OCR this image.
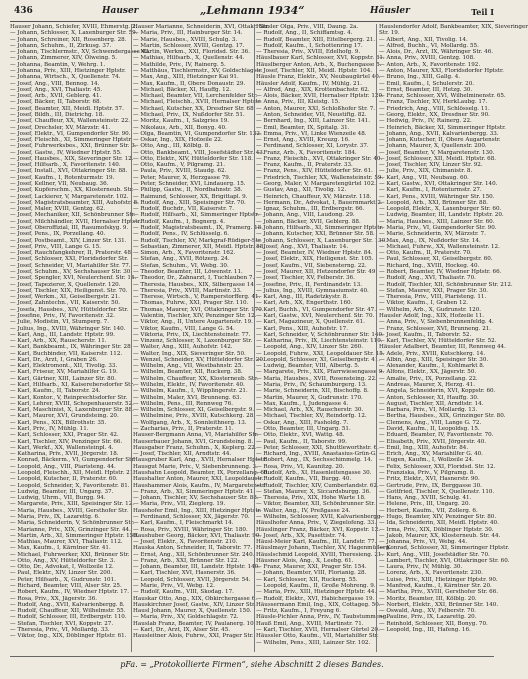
436	Hauser	„Lehmann 1934“	Häusler	Teil I
Hauser Johann, Schiefer, XVIII, Ehmerstg. 2.
— Johann, Schlosser, X, Laxenburger Str. 59.
— Johann, Schreiner, XII, Rosenberg. 28.
— Johann, Schuhm., II, Zirkusg. 37.
— Johann, Tischlermstr., XV, Schwendergasse 43.
— Johann, Zimmerer, XIV, Ölweing. 5.
— Johanna, Beamtin, V, Wehrg. 1.
— Johanna, Priv., XIII, Hietzinger Hptstr.
— Johanna, Wirtsch., X, Quellenstr. 74.
— Josef, Ang., VIII, Bennog. 14.
— Josef, Ang., XVI, Thaliastr. 45.
— Josef, Arb., XVII, Geblerg. 41.
— Josef, Bäcker, II, Taborstr. 68.
— Josef, Beamter, XII, Meidl. Hptstr. 57.
— Josef, Bildh., III, Dietrichg. 18.
— Josef, Chauffeur, XX, Wallensteinstr. 22.
— Josef, Drechsler, XV, Märzstr. 41.
— Josef, Elektr., VI, Gumpendorfer Str. 90.
— Josef, Fleischh., XI, Simmeringer Hptstr.
— Josef, Fuhrwerksbes., XXI, Brünner Str. 3.
— Josef, Gastw., IV, Wiedner Hptstr. 55.
— Josef, Hausbes., XIX, Sieveringer Str. 12.
— Josef, Hilfsarb., X, Favoritenstr. 140.
— Josef, Install., XVI, Ottakringer Str. 88.
— Josef, Kaufm., I, Rotenturmstr. 19.
— Josef, Kellner, VII, Neubaug. 36.
— Josef, Kupferschm., XX, Klosterneub. Str.
— Josef, Lackierer, V, Margaretenstr. 102.
— Josef, Magistratsbeamter, XIII, Auhofstr. 8.
— Josef, Maler, XVIII, Gentzg. 62.
— Josef, Mechaniker, XII, Schönbrunner Str.
— Josef, Milchhändler, XVII, Hernalser Hptstr.
— Josef, Oberoffizial, III, Rasumofskyg. 9.
— Josef, Pens., IX, Porzellang. 40.
— Josef, Postbeamt., XIV, Linzer Str. 131.
— Josef, Priv., VIII, Lange G. 15.
— Josef, Rauchfangkehrer, II, Praterstr. 48.
— Josef, Schlosser, XXI, Floridsdorfer Str.
— Josef, Schneider, VI, Mariahilfer Str. 77.
— Josef, Schuhm., XV, Sechshauser Str. 30.
— Josef, Spengler, XVI, Neulerchenf. Str. 14.
— Josef, Tapezierer, X, Quellenstr. 120.
— Josef, Tischler, XIX, Heiligenst. Str. 70.
— Josef, Werkm., XI, Geiselbergstr. 21.
— Josef, Zahntechn., VII, Kaiserstr. 50.
— Josefa, Hausbes., XIV, Hütteldorfer Str.
— Josefine, Priv., IV, Favoritenstr. 32.
— Julie, Modistin, VI, Stumperg. 7.
— Julius, Ing., XVIII, Währinger Str. 140.
— Karl, Ang., III, Landstr. Hptstr. 99.
— Karl, Arb., XX, Rauscherstr. 11.
— Karl, Bankbeamt., IX, Währinger Str. 28.
— Karl, Buchbinder, VII, Kaiserstr. 112.
— Karl, Dr., Arzt, I, Graben 26.
— Karl, Elektromont., XII, Tivolig. 33.
— Karl, Friseur, XV, Mariahilfer G. 19.
— Karl, Gärtner, XIII, Lainzer Str. 80.
— Karl, Hilfsarb., XI, Kaiserebersdorfer Str.
— Karl, Kaufm., II, Taborstr. 24.
— Karl, Kontor., V, Reinprechtsdorfer Str.
— Karl, Lehrer, XVIII, Schopenhauerstr. 52.
— Karl, Maschinist, X, Laxenburger Str. 88.
— Karl, Maurer, XVI, Grundsteing. 20.
— Karl, Pens., XIX, Billrothstr. 35.
— Karl, Priv., IV, Mühlg. 11.
— Karl, Schlosser, XXI, Prager Str. 42.
— Karl, Tischler, XIV, Penzinger Str. 66.
— Karl, Werkf., XX, Wallensteinpl. 4.
— Katharina, Priv., XVII, Jörgerstr. 18.
— Konrad, Bäckerm., VI, Gumpendorfer Str.
— Leopold, Ang., VIII, Piaristeng. 44.
— Leopold, Fleischh., XII, Meidl. Hptstr. 21.
— Leopold, Kutscher, II, Praterstr. 60.
— Leopold, Schneider, X, Favoritenstr. 81.
— Ludwig, Beamter, III, Ungarg. 37.
— Ludwig, Uhrm., VII, Burgg. 94.
— Margarete, Priv., XIII, Speisinger Str. 12.
— Maria, Hausbes., XVIII, Gersthofer Str.
— Maria, Priv., IX, Lazarettg. 6.
— Maria, Schneiderin, V, Schönbrunner Str.
— Marianne, Priv., XIX, Grinzinger Str. 44.
— Martin, Arb., XI, Simmeringer Hptstr. 150.
— Mathias, Maurer, XVI, Thaliastr. 112.
— Max, Kaufm., I, Kärntner Str. 41.
— Michael, Fuhrwerker, XXI, Brünner Str.
— Otto, Ang., XV, Hütteldorfer Str. 3.
— Otto, Dr., Advokat, I, Wollzeile 12.
— Paul, Elektr., XIV, Linzer Str. 200.
— Peter, Hilfsarb., X, Gudrunstr. 101.
— Richard, Beamter, VIII, Alser Str. 25.
— Robert, Kaufm., IV, Wiedner Hptstr. 17.
— Rosa, Priv., XX, Jägerstr. 36.
— Rudolf, Ang., XVII, Kalvarienbergg. 8.
— Rudolf, Chauffeur, XII, Wilhelmstr. 55.
— Rudolf, Schlosser, III, Erdbergstr. 110.
— Stefan, Tischler, XVI, Koppstr. 27.
— Theresia, Priv., VI, Mollardg. 33.
— Viktor, Ing., XIX, Döblinger Hptstr. 61.
Hauser Marianne, Schneiderin, XVI, Ottakr. Str.
— Maria, Priv., III, Hainburger Str. 14.
— Marie, Hausbes., XVIII, Schulg. 3.
— Martin, Schlosser, XVIII, Gentzg. 17.
— Martin, Werkm., XXI, Floridsd. Str. 36.
— Mathias, Hilfsarb., X, Quellenstr. 44.
— Mathilde, Priv., IV, Rainerg. 5.
— Matthäus, Tischlermstr., XV, Goldschlagstr.
— Max, Ang., XIII, Hietzinger Kai 91.
— Max, Kaufm., II, Obere Donaustr. 29.
— Michael, Bäcker, XI, Hauffg. 12.
— Michael, Beamter, VII, Lerchenfelder Str.
— Michael, Fleischh., XVII, Hernalser Hptstr.
— Michael, Kutscher, XX, Dresdner Str. 68.
— Michael, Priv., IX, Nußdorfer Str. 51.
— Moritz, Kaufm., I, Salzgries 19.
— Nikolaus, Arb., XII, Bonyg. 40.
— Olga, Beamtin, VI, Gumpendorfer Str. 132.
— Oskar, Ing., XIX, Hofzeile 22.
— Otto, Ang., III, Kölblg. 8.
— Otto, Bankbeamt., VIII, Josefstädter Str. 43.
— Otto, Elektr., XIV, Hütteldorfer Str. 118.
— Otto, Kaufm., V, Pilgramg. 21.
— Paula, Priv., XVIII, Staudg. 62.
— Peter, Maurer, X, Herzgasse 79.
— Peter, Schneider, XVI, Lindauerg. 15.
— Philipp, Gastw., II, Nordbahnstr. 38.
— Raimund, Schlosser, XX, Brigittapl. 9.
— Rudolf, Ang., XIII, Speisinger Str. 70.
— Rudolf, Buchdr., VII, Kaiserstr. 7.
— Rudolf, Hilfsarb., XI, Simmeringer Hptstr.
— Rudolf, Kaufm., I, Bognerg. 4.
— Rudolf, Magistratsbeamt., IX, Pramerg. 18.
— Rudolf, Pens., IV, Schlüsselg. 6.
— Rudolf, Tischler, XV, Markgraf-Rüdiger-Str.
— Sebastian, Zimmerer, XII, Meidl. Hptstr. 88.
— Simon, Arb., X, Favoritenstr. 162.
— Stefan, Ang., XVII, Rötzerg. 24.
— Stefan, Schuhm., VI, Webg. 30.
— Theodor, Beamter, III, Löwenstr. 11.
— Theodor, Dr., Zahnarzt, I, Tuchlauben 7.
— Theresia, Hausbes., XIX, Silbergasse 14.
— Theresia, Priv., XVIII, Martinstr. 33.
— Therese, Wirtsch., V, Ramperstorfferg. 41.
— Thomas, Fuhrw., XXI, Prager Str. 110.
— Thomas, Maurer, XVI, Ottakringer Str. 170.
— Valentin, Tischler, XIV, Penzinger Str. 12.
— Viktor, Ang., II, Untere Augartenstr. 19.
— Viktor, Kaufm., VIII, Lange G. 54.
— Viktoria, Priv., IX, Liechtensteinstr. 77.
— Vinzenz, Schlosser, X, Laxenburger Str.
— Walter, Ang., XIII, Auhofstr. 142.
— Walter, Ing., XIX, Sieveringer Str. 50.
— Wenzel, Schneider, XV, Hütteldorfer Str. 20.
— Wilhelm, Ang., VII, Westbahnstr. 25.
— Wilhelm, Beamter, XII, Ruckerg. 38.
— Wilhelm, Chauffeur, XX, Klosterneub. Str.
— Wilhelm, Elektr., IV, Favoritenstr. 40.
— Wilhelm, Kaufm., I, Wipplingerstr. 21.
— Wilhelm, Maler, XVI, Brunneng. 63.
— Wilhelm, Pens., III, Rennweg 76.
— Wilhelm, Schlosser, XI, Geiselbergstr. 9.
— Wilhelmine, Priv., XVIII, Kutschkerg. 28.
— Wolfgang, Arb., X, Sonnleithnerg. 13.
— Zacharias, Priv., II, Praterstr. 11.
Hauser-Bergmann Anna, VI, Mariahilfer Str.
Hauserbauer Johann, XVI, Grundsteing. 8.
Hausgaber Franz, Schuhm., X, Keplerg. 22.
— Josef, Tischler, XII, Arndtstr. 44.
Hausgruber Karl, Ang., XVII, Hernalser Hptstr.
Hausgut Marie, Priv., V, Siebenbrunneng. 3.
Haushahn Leopold, Beamter, IX, Porzellang. 60.
Haushalter Anton, Maurer, XXI, Leopoldaustr.
Haushammer Alois, Kaufm., IV, Margaretenstr.
— Franz, Arb., XI, Simmeringer Hptstr. 41.
— Johann, Tischler, XV, Sechshauser Str. 88.
— Maria, Priv., VII, Zieglerg. 19.
Haushofer Emil, Ing., XIII, Hietzinger Hptstr.
— Ferdinand, Schlosser, XX, Jägerstr. 70.
— Karl, Kaufm., I, Fleischmarkt 14.
— Rosa, Priv., XVIII, Währinger Str. 180.
Haushuber Georg, Bäcker, XVI, Thaliastr. 90.
— Josef, Elektr., X, Favoritenstr. 210.
Hauska Anton, Schneider, II, Taborstr. 77.
— Ernst, Ang., XII, Schönbrunner Str. 240.
— Franz, Arb., XXI, Brünner Str. 122.
— Johann, Beamter, III, Landstr. Hptstr. 140.
— Karl, Tischler, XVI, Hasnerstr. 36.
— Leopold, Schlosser, XVII, Jörgerstr. 54.
— Marie, Priv., VI, Webg. 12.
— Rudolf, Kaufm., VIII, Skodag. 17.
Hauskar Otto, Ang., XIX, Obkirchergasse 6.
Hauskirchner Josef, Gastw., XIV, Linzer Str.
Hausl Johann, Maurer, X, Quellenstr. 150.
— Maria, Priv., XV, Goldschlagstr. 72.
Hauslab Franz, Beamter, IV, Paulanerg. 10.
— Karl, Dr., Arzt, IX, Alser Str. 45.
Hausleitner Alois, Fuhrw., XXI, Prager Str.
Häusler Olga, Priv., VIII, Daung. 2a.
— Rudolf, Ang., II, Schiffamtsg. 4.
— Rudolf, Beamter, XIII, Eitelbergerg. 21.
— Rudolf, Kaufm., I, Schottenring 17.
— Theresia, Priv., XVIII, Edelhofg. 9.
Häuslbauer Karl, Schlosser, XVI, Koppstr. 81.
Häuslberger Anton, Arb., X, Buchengasse 5.
— Josef, Tischler, XII, Meidl. Hptstr. 104.
Häusle Franz, Elektr., XV, Neubaugürtel 40.
Häusler Adolf, Kaufm., IV, Mühlg. 21.
— Alfred, Ang., XIX, Krottenbachstr. 62.
— Alois, Bäcker, XVII, Hernalser Hptstr. 120.
— Anna, Priv., III, Kleistg. 15.
— Anton, Maurer, XXI, Schloßhofer Str. 7.
— Anton, Schneider, VII, Neustiftg. 82.
— Bernhard, Ing., XIII, Lainzer Str. 141.
— Emil, Beamter, IX, Spitalg. 31.
— Emma, Priv., VI, Linke Wienzeile 48.
— Ernst, Ang., XVIII, Kreuzg. 16.
— Ferdinand, Schlosser, XI, Lorystr. 37.
— Franz, Arb., X, Favoritenstr. 184.
— Franz, Fleischh., XVI, Ottakringer Str. 40.
— Franz, Kaufm., II, Praterstr. 33.
— Franz, Pens., XIV, Hütteldorfer Str. 61.
— Friedrich, Tischler, XX, Wallensteinstr. 59.
— Georg, Maler, V, Margaretengürtel 102.
— Gustav, Ang., XII, Tivolig. 12.
— Heinrich, Chauffeur, XV, Märzstr. 118.
— Hermann, Dr., Advokat, I, Bauernmarkt 2.
— Ignaz, Schuhm., III, Erdbergstr. 66.
— Johann, Ang., VIII, Laudong. 29.
— Johann, Bäcker, XVII, Geblerg. 88.
— Johann, Hilfsarb., XI, Simmeringer Hptstr.
— Johann, Kutscher, XXI, Brünner Str. 58.
— Johann, Schlosser, X, Laxenburger Str. 130.
— Josef, Ang., XVI, Thaliastr. 14.
— Josef, Beamter, IV, Wiedner Hptstr. 84.
— Josef, Elektr., XIX, Heiligenst. Str. 105.
— Josef, Kaufm., VII, Siebensterng. 22.
— Josef, Maurer, XII, Hetzendorfer Str. 49.
— Josef, Tischler, XV, Felberstr. 36.
— Josefine, Priv., II, Ferdinandstr. 13.
— Julius, Ing., XVIII, Gymnasiumstr. 40.
— Karl, Ang., III, Radetzkystr. 8.
— Karl, Arb., XX, Engerthstr. 160.
— Karl, Buchh., VI, Gumpendorfer Str. 47.
— Karl, Gastw., XVI, Neulerchenf. Str. 70.
— Karl, Magazineur, X, Quellenstr. 61.
— Karl, Pens., XIII, Auhofstr. 17.
— Karl, Schneider, V, Schönbrunner Str. 140.
— Katharina, Priv., IX, Liechtensteinstr. 110.
— Leopold, Ang., XIV, Linzer Str. 260.
— Leopold, Fuhrw., XXI, Leopoldauer Str. 15.
— Leopold, Schlosser, XI, Geiselbergstr. 41.
— Ludwig, Beamter, VIII, Albertg. 5.
— Margarete, Priv., XIX, Pfarrwiesengasse 9.
— Maria, Hausbes., XVII, Rosensteing. 22.
— Maria, Priv., IV, Schaumburgerg. 13.
— Marie, Schneiderin, XII, Bischoffg. 8.
— Martin, Maurer, X, Gudrunstr. 170.
— Max, Kaufm., I, Judengasse 4.
— Michael, Arb., XX, Rauscherstr. 30.
— Michael, Tischler, XV, Reindorfg. 12.
— Oskar, Ang., XIII, Fasholdg. 7.
— Otto, Beamter, III, Ungarg. 51.
— Otto, Elektr., XVI, Wattg. 48.
— Paul, Kaufm., II, Taborstr. 99.
— Peter, Schlosser, XXI, Shuttleworthstr. 6.
— Richard, Ing., XVIII, Anastasius-Grün-G.
— Robert, Ang., IX, Sechsschimmelg. 14.
— Rosa, Priv., VI, Kaunitzg. 20.
— Rudolf, Arb., XI, Hasenleitengasse 30.
— Rudolf, Kaufm., VII, Burgg. 40.
— Rudolf, Tischler, XIV, Cumberlandstr. 62.
— Stefan, Maurer, X, Siccardsburgg. 36.
— Theresia, Priv., XIX, Hohe Warte 18.
— Viktor, Beamter, XII, Schönbrunner Str.
— Walter, Ang., IV, Preßgasse 24.
— Wilhelm, Schlosser, XVII, Kalvarienbergg.
Häuslhofer Anna, Priv., V, Ziegelofeng. 33.
Häuslinger Franz, Bäcker, XVI, Koppstr. 12.
— Josef, Arb., XX, Pasettistr. 74.
Häusl-Meier Karl, Kaufm., III, Landstr. 77.
Häuslmayr Johann, Tischler, XV, Hagenmüllerg.
Häuslschmid Leopold, XVIII, Theresieng. 21.
Häusner Alois, Ang., X, Leebg. 61.
— Franz, Maurer, XXI, Prager Str. 154.
— Johann, Beamter, VIII, Florianig. 28.
— Karl, Schlosser, XII, Ruckerg. 55.
— Leopold, Kaufm., II, Große Mohreng. 9.
— Maria, Priv., XIII, Hietzinger Hptstr. 44.
— Rudolf, Elektr., XVI, Habichergasse 19.
Häussermann Emil, Ing., XIX, Cottageg. 50.
— Fritz, Kaufm., I, Freyung 6.
Häusle-Pichler Anna, Priv., IV, Taubstummeng.
Hauß Emil, Ang., XVIII, Martinstr. 71.
— Karl, Tischler, XVII, Hernalser Gürtel 20.
Häussler Otto, Kaufm., VII, Mariahilfer Str.
— Wilhelm, Pens., XIII, Lainzer Str. 102.
Hauslendorfer Adolf, Bankbeamter, XIX, Sieveringer
Str. 19.
— Albert, Ang., XII, Tivolig. 14.
— Alfred, Buchh., VI, Mollardg. 55.
— Alois, Dr., Arzt, IX, Währinger Str. 46.
— Anna, Priv., XVIII, Gentzg. 108.
— Anton, Arb., X, Favoritenstr. 192.
— Anton, Maurer, XXI, Floridsdorfer Hptstr.
— Bruno, Ing., XIII, Gallg. 4.
— Emil, Kaufm., I, Schulerstr. 20.
— Ernst, Beamter, III, Hetzg. 30.
— Franz, Schlosser, XVI, Wilhelminenstr. 65.
— Franz, Tischler, XV, HerkLaubg. 17.
— Friedrich, Ang., VIII, Schlösselg. 11.
— Georg, Elektr., XX, Dresdner Str. 90.
— Hedwig, Priv., IV, Rainerg. 22.
— Heinrich, Bäcker, XI, Simmeringer Hptstr.
— Johann, Ang., XVII, Kalvarienbergg. 33.
— Johann, Kutscher, II, Obere Augartenstr.
— Johann, Maurer, X, Quellenstr. 200.
— Josef, Beamter, V, Margaretenstr. 130.
— Josef, Schlosser, XII, Meidl. Hptstr. 68.
— Josef, Tischler, XIV, Linzer Str. 92.
— Julie, Priv., XIX, Chimanistr. 8.
— Karl, Ang., VII, Neubaug. 60.
— Karl, Gastw., XVI, Ottakringer Str. 140.
— Karl, Kaufm., I, Rotenturmstr. 27.
— Karl, Pens., XVIII, Währinger Str. 150.
— Leopold, Arb., XXI, Brünner Str. 88.
— Leopold, Elektr., X, Laxenburger Str. 60.
— Ludwig, Beamter, III, Landstr. Hptstr. 20.
— Maria, Hausbes., XIII, Lainzer Str. 60.
— Maria, Priv., VI, Gumpendorfer Str. 90.
— Marie, Schneiderin, XV, Märzstr. 7.
— Max, Ang., IX, Nußdorfer Str. 14.
— Michael, Fuhrw., XX, Wallensteinstr. 12.
— Otto, Kaufm., II, Praterstr. 70.
— Paul, Schlosser, XI, Geiselbergstr. 60.
— Richard, Ing., XVIII, Hockeg. 40.
— Robert, Beamter, IV, Wiedner Hptstr. 66.
— Rudolf, Ang., XVI, Thaliastr. 70.
— Rudolf, Tischler, XII, Schönbrunner Str. 212.
— Stefan, Maurer, XXI, Prager Str. 30.
— Theresia, Priv., VIII, Piaristeng. 11.
— Viktor, Kaufm., I, Graben 12.
— Wilhelm, Arb., X, Gudrunstr. 120.
Hausler Adolf, Ing., XIX, Hofzeile 11.
— Anna, Priv., V, Siebenbrunnenfeldg. 4.
— Franz, Schlosser, XVI, Brunneng. 21.
— Josef, Kaufm., II, Taborstr. 52.
— Karl, Tischler, XV, Hütteldorfer Str. 52.
Häusler Adalbert, Beamter, III, Rennweg 44.
— Adele, Priv., XVIII, Kutschkerg. 14.
— Albin, Ang., XIII, Speisinger Str. 30.
— Alexander, Kaufm., I, Kohlmarkt 8.
— Alfons, Elektr., XX, Jägerstr. 50.
— Amalie, Priv., IX, Porzellang. 22.
— Andreas, Maurer, X, Herzg. 41.
— Angela, Schneiderin, XVI, Koppstr. 60.
— Anton, Schlosser, XI, Hauffg. 30.
— August, Tischler, XII, Arndtstr. 14.
— Barbara, Priv., VI, Mollardg. 13.
— Bertha, Hausbes., XIX, Grinzinger Str. 80.
— Clemens, Ang., VIII, Lange G. 72.
— David, Kaufm., II, Leopoldsg. 15.
— Eduard, Beamter, IV, Favoritenstr. 70.
— Elisabeth, Priv., XVII, Jörgerstr. 40.
— Emil, Ing., XIII, Auhofstr. 84.
— Erich, Ang., XV, Mariahilfer G. 40.
— Eugen, Kaufm., I, Wollzeile 24.
— Felix, Schlosser, XXI, Floridsd. Str. 12.
— Franziska, Priv., V, Pilgramg. 8.
— Fritz, Elektr., XVI, Hasnerstr. 90.
— Gertrude, Priv., IX, Berggasse 30.
— Gottfried, Tischler, X, Quellenstr. 110.
— Hans, Ang., XVIII, Schulg. 41.
— Helene, Priv., III, Ungarg. 20.
— Herbert, Kaufm., VII, Zollerg. 6.
— Hugo, Beamter, XIV, Penzinger Str. 80.
— Ida, Schneiderin, XII, Meidl. Hptstr. 40.
— Irma, Priv., XIX, Döblinger Hptstr. 30.
— Jakob, Maurer, XX, Klosterneub. Str. 44.
— Johanna, Priv., VI, Webg. 44.
— Konrad, Schlosser, XI, Simmeringer Hptstr.
— Kurt, Ang., VIII, Josefstädter Str. 70.
— Lambert, Tischler, XVI, Ottakringer Str. 60.
— Laura, Priv., IV, Mühlg. 30.
— Lorenz, Arb., X, Favoritenstr. 230.
— Luise, Priv., XIII, Hietzinger Hptstr. 90.
— Manfred, Kaufm., I, Kärntner Str. 20.
— Martha, Priv., XVIII, Gersthofer Str. 66.
— Moritz, Beamter, III, Kölblg. 20.
— Norbert, Elektr., XXI, Brünner Str. 140.
— Oswald, Ang., XV, Felberstr. 70.
— Pauline, Priv., IX, Lazarettg. 20.
— Reinhold, Schlosser, XII, Bonyg. 70.
— Leopold, Ing., III, Hafeng. 16.
pFa. = „Protokollierte Firmen“, siehe Abschnitt 2 dieses Bandes.
